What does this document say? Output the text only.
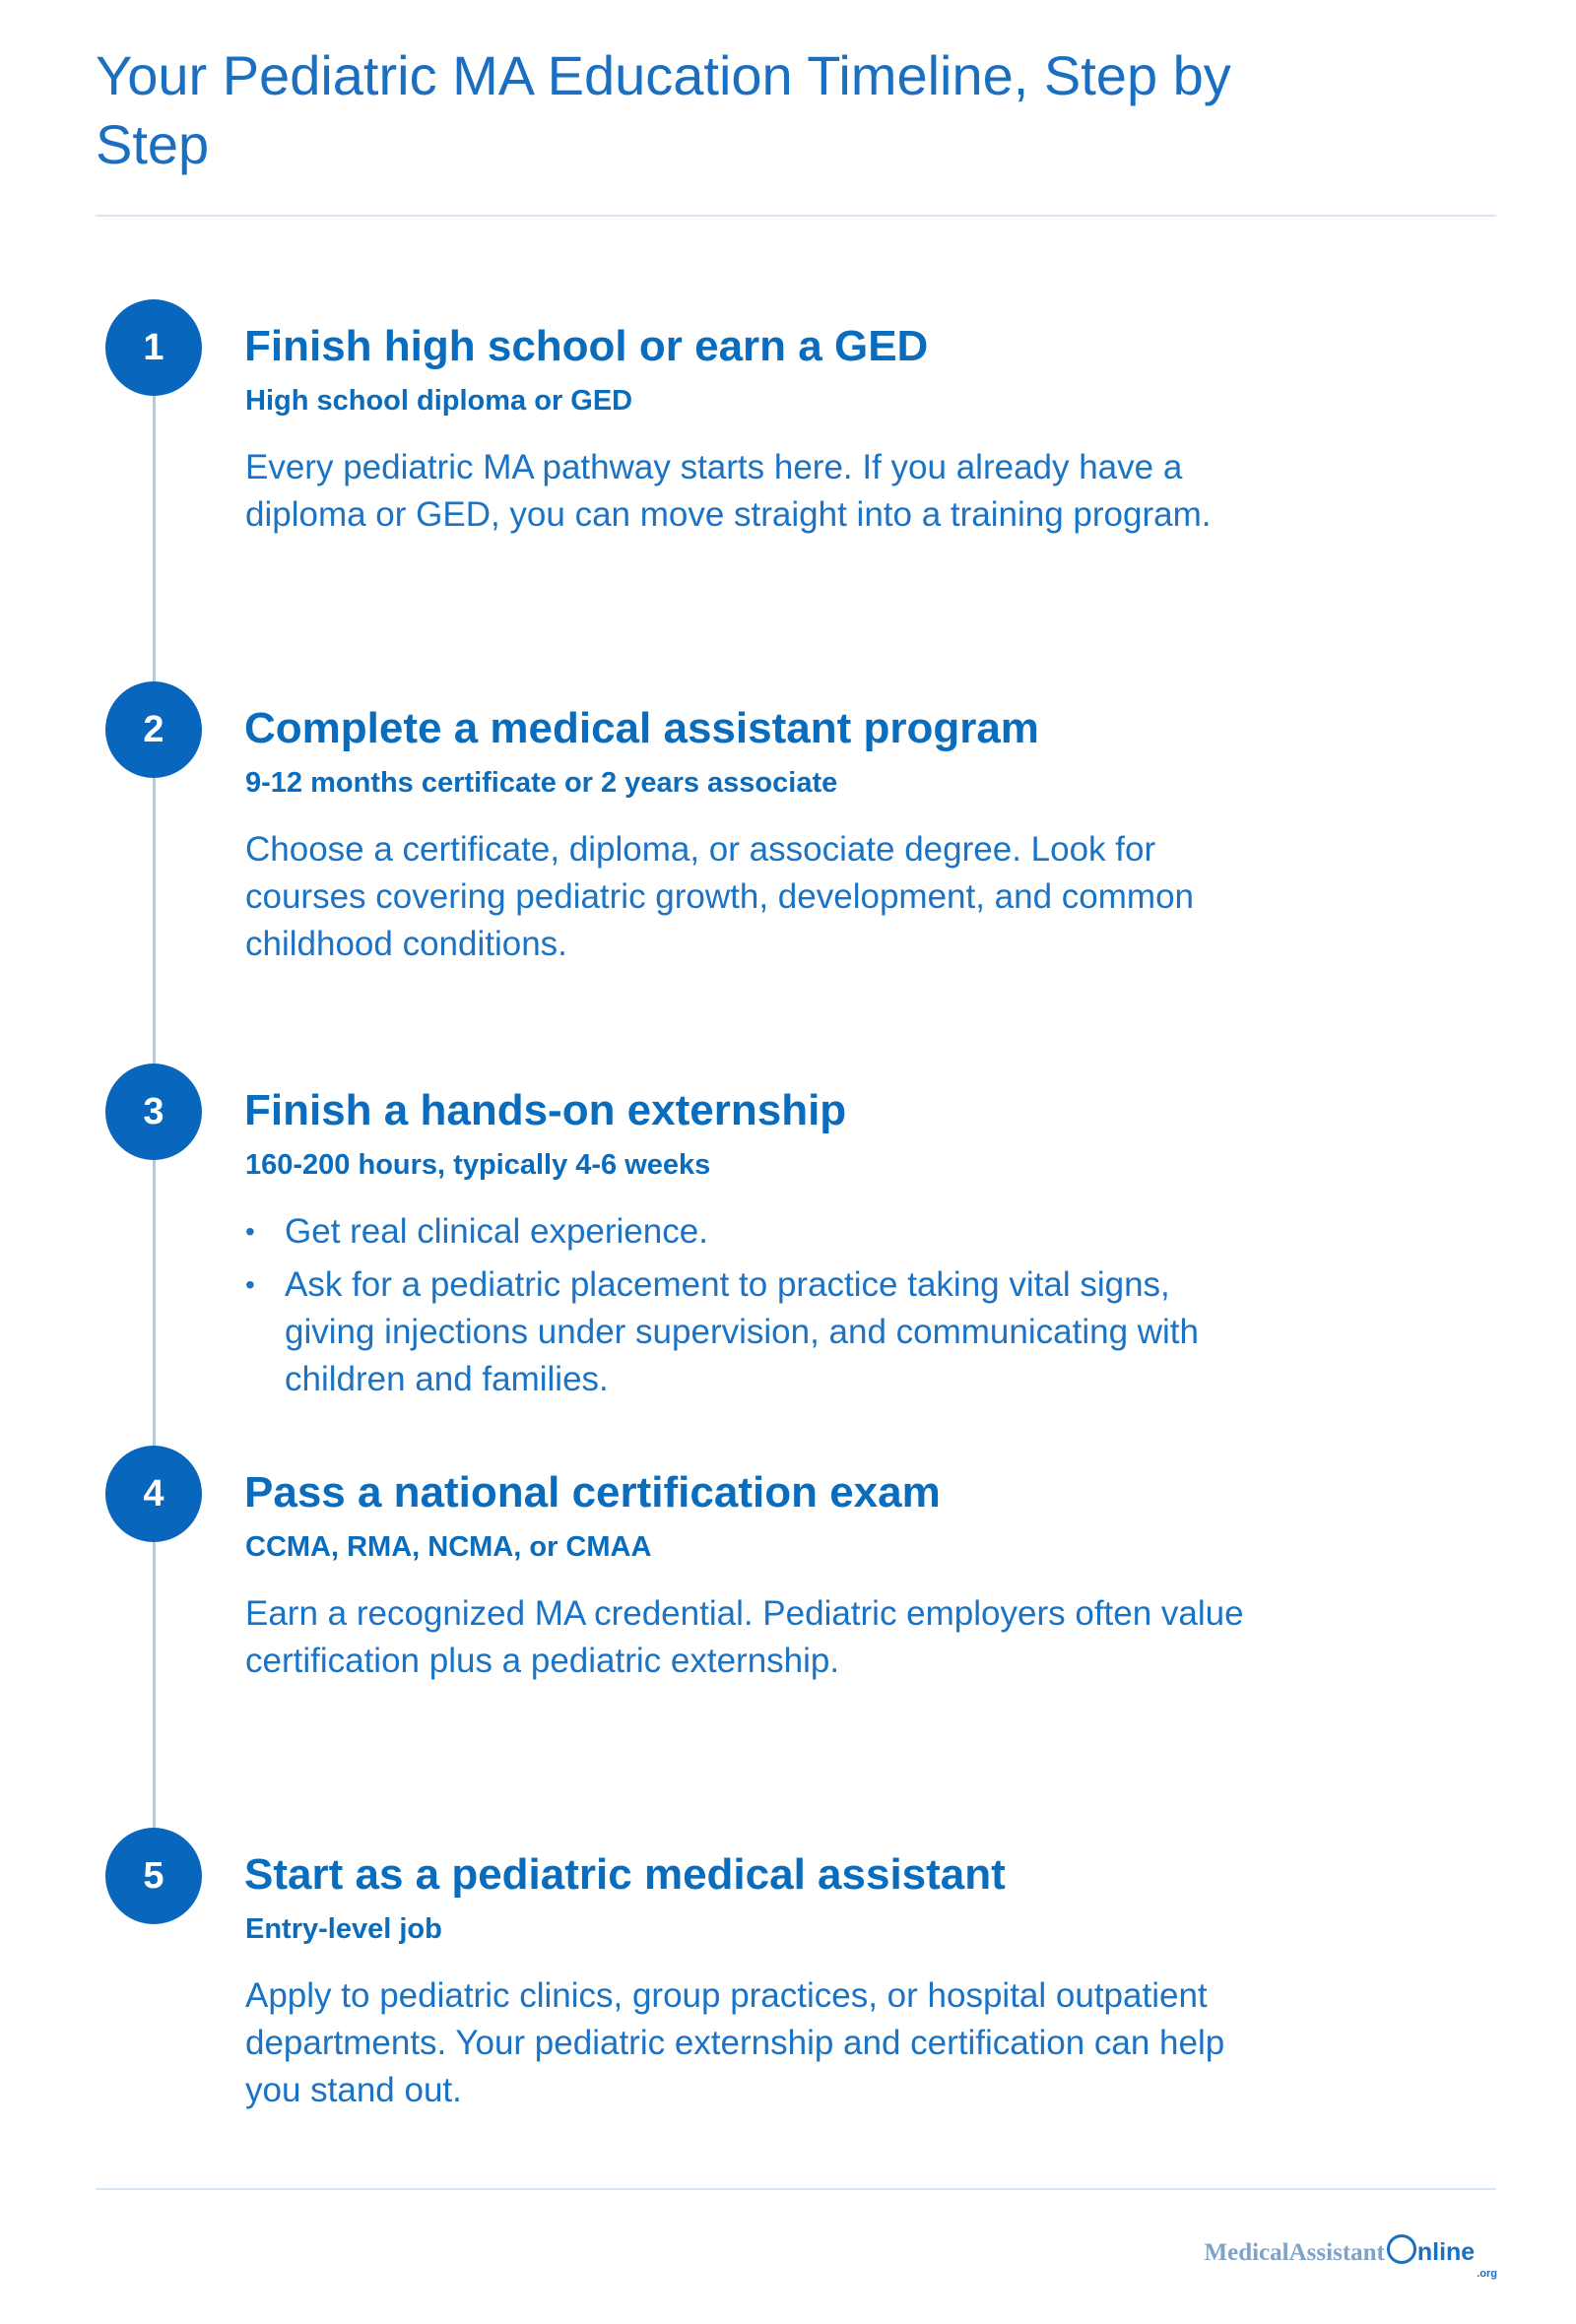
Your Pediatric MA Education Timeline, Step by Step
1	Finish high school or earn a GED

High school diploma or GED

Every pediatric MA pathway starts here. If you already have a diploma or GED, you can move straight into a training program.

2	Complete a medical assistant program

9-12 months certificate or 2 years associate

Choose a certificate, diploma, or associate degree. Look for courses covering pediatric growth, development, and common childhood conditions.

3	Finish a hands-on externship

160-200 hours, typically 4-6 weeks

• Get real clinical experience.
• Ask for a pediatric placement to practice taking vital signs, giving injections under supervision, and communicating with children and families.
4	Pass a national certification exam

CCMA, RMA, NCMA, or CMAA

Earn a recognized MA credential. Pediatric employers often value certification plus a pediatric externship.

5	Start as a pediatric medical assistant

Entry-level job

Apply to pediatric clinics, group practices, or hospital outpatient departments. Your pediatric externship and certification can help you stand out.

MedicalAssistant nline
.org
